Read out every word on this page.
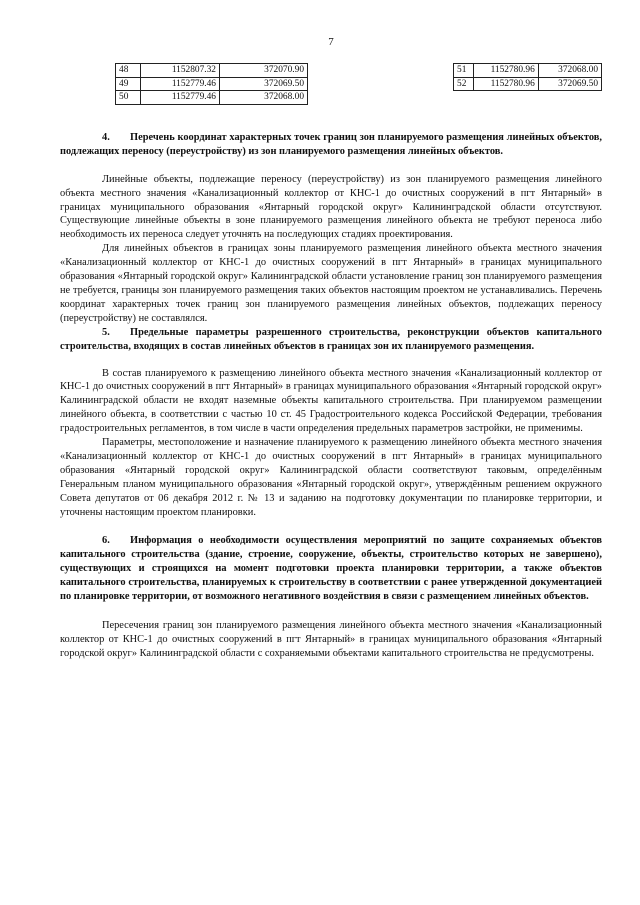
7
48	1152807.32	372070.90
49	1152779.46	372069.50
50	1152779.46	372068.00
51	1152780.96	372068.00
52	1152780.96	372069.50

4. Перечень координат характерных точек границ зон планируемого размещения линейных объектов, подлежащих переносу (переустройству) из зон планируемого размещения линейных объектов.

Линейные объекты, подлежащие переносу (переустройству) из зон планируемого размещения линейного объекта местного значения «Канализационный коллектор от КНС-1 до очистных сооружений в пгт Янтарный» в границах муниципального образования «Янтарный городской округ» Калининградской области отсутствуют. Существующие линейные объекты в зоне планируемого размещения линейного объекта не требуют переноса либо необходимость их переноса следует уточнять на последующих стадиях проектирования.

Для линейных объектов в границах зоны планируемого размещения линейного объекта местного значения «Канализационный коллектор от КНС-1 до очистных сооружений в пгт Янтарный» в границах муниципального образования «Янтарный городской округ» Калининградской области установление границ зон планируемого размещения не требуется, границы зон планируемого размещения таких объектов настоящим проектом не устанавливались. Перечень координат характерных точек границ зон планируемого размещения линейных объектов, подлежащих переносу (переустройству) не составлялся.

5. Предельные параметры разрешенного строительства, реконструкции объектов капитального строительства, входящих в состав линейных объектов в границах зон их планируемого размещения.

В состав планируемого к размещению линейного объекта местного значения «Канализационный коллектор от КНС-1 до очистных сооружений в пгт Янтарный» в границах муниципального образования «Янтарный городской округ» Калининградской области не входят наземные объекты капитального строительства. При планируемом размещении линейного объекта, в соответствии с частью 10 ст. 45 Градостроительного кодекса Российской Федерации, требования градостроительных регламентов, в том числе в части определения предельных параметров застройки, не применимы.

Параметры, местоположение и назначение планируемого к размещению линейного объекта местного значения «Канализационный коллектор от КНС-1 до очистных сооружений в пгт Янтарный» в границах муниципального образования «Янтарный городской округ» Калининградской области соответствуют таковым, определённым Генеральным планом муниципального образования «Янтарный городской округ», утверждённым решением окружного Совета депутатов от 06 декабря 2012 г. № 13 и заданию на подготовку документации по планировке территории, и уточнены настоящим проектом планировки.

6. Информация о необходимости осуществления мероприятий по защите сохраняемых объектов капитального строительства (здание, строение, сооружение, объекты, строительство которых не завершено), существующих и строящихся на момент подготовки проекта планировки территории, а также объектов капитального строительства, планируемых к строительству в соответствии с ранее утвержденной документацией по планировке территории, от возможного негативного воздействия в связи с размещением линейных объектов.

Пересечения границ зон планируемого размещения линейного объекта местного значения «Канализационный коллектор от КНС-1 до очистных сооружений в пгт Янтарный» в границах муниципального образования «Янтарный городской округ» Калининградской области с сохраняемыми объектами капитального строительства не предусмотрены.
